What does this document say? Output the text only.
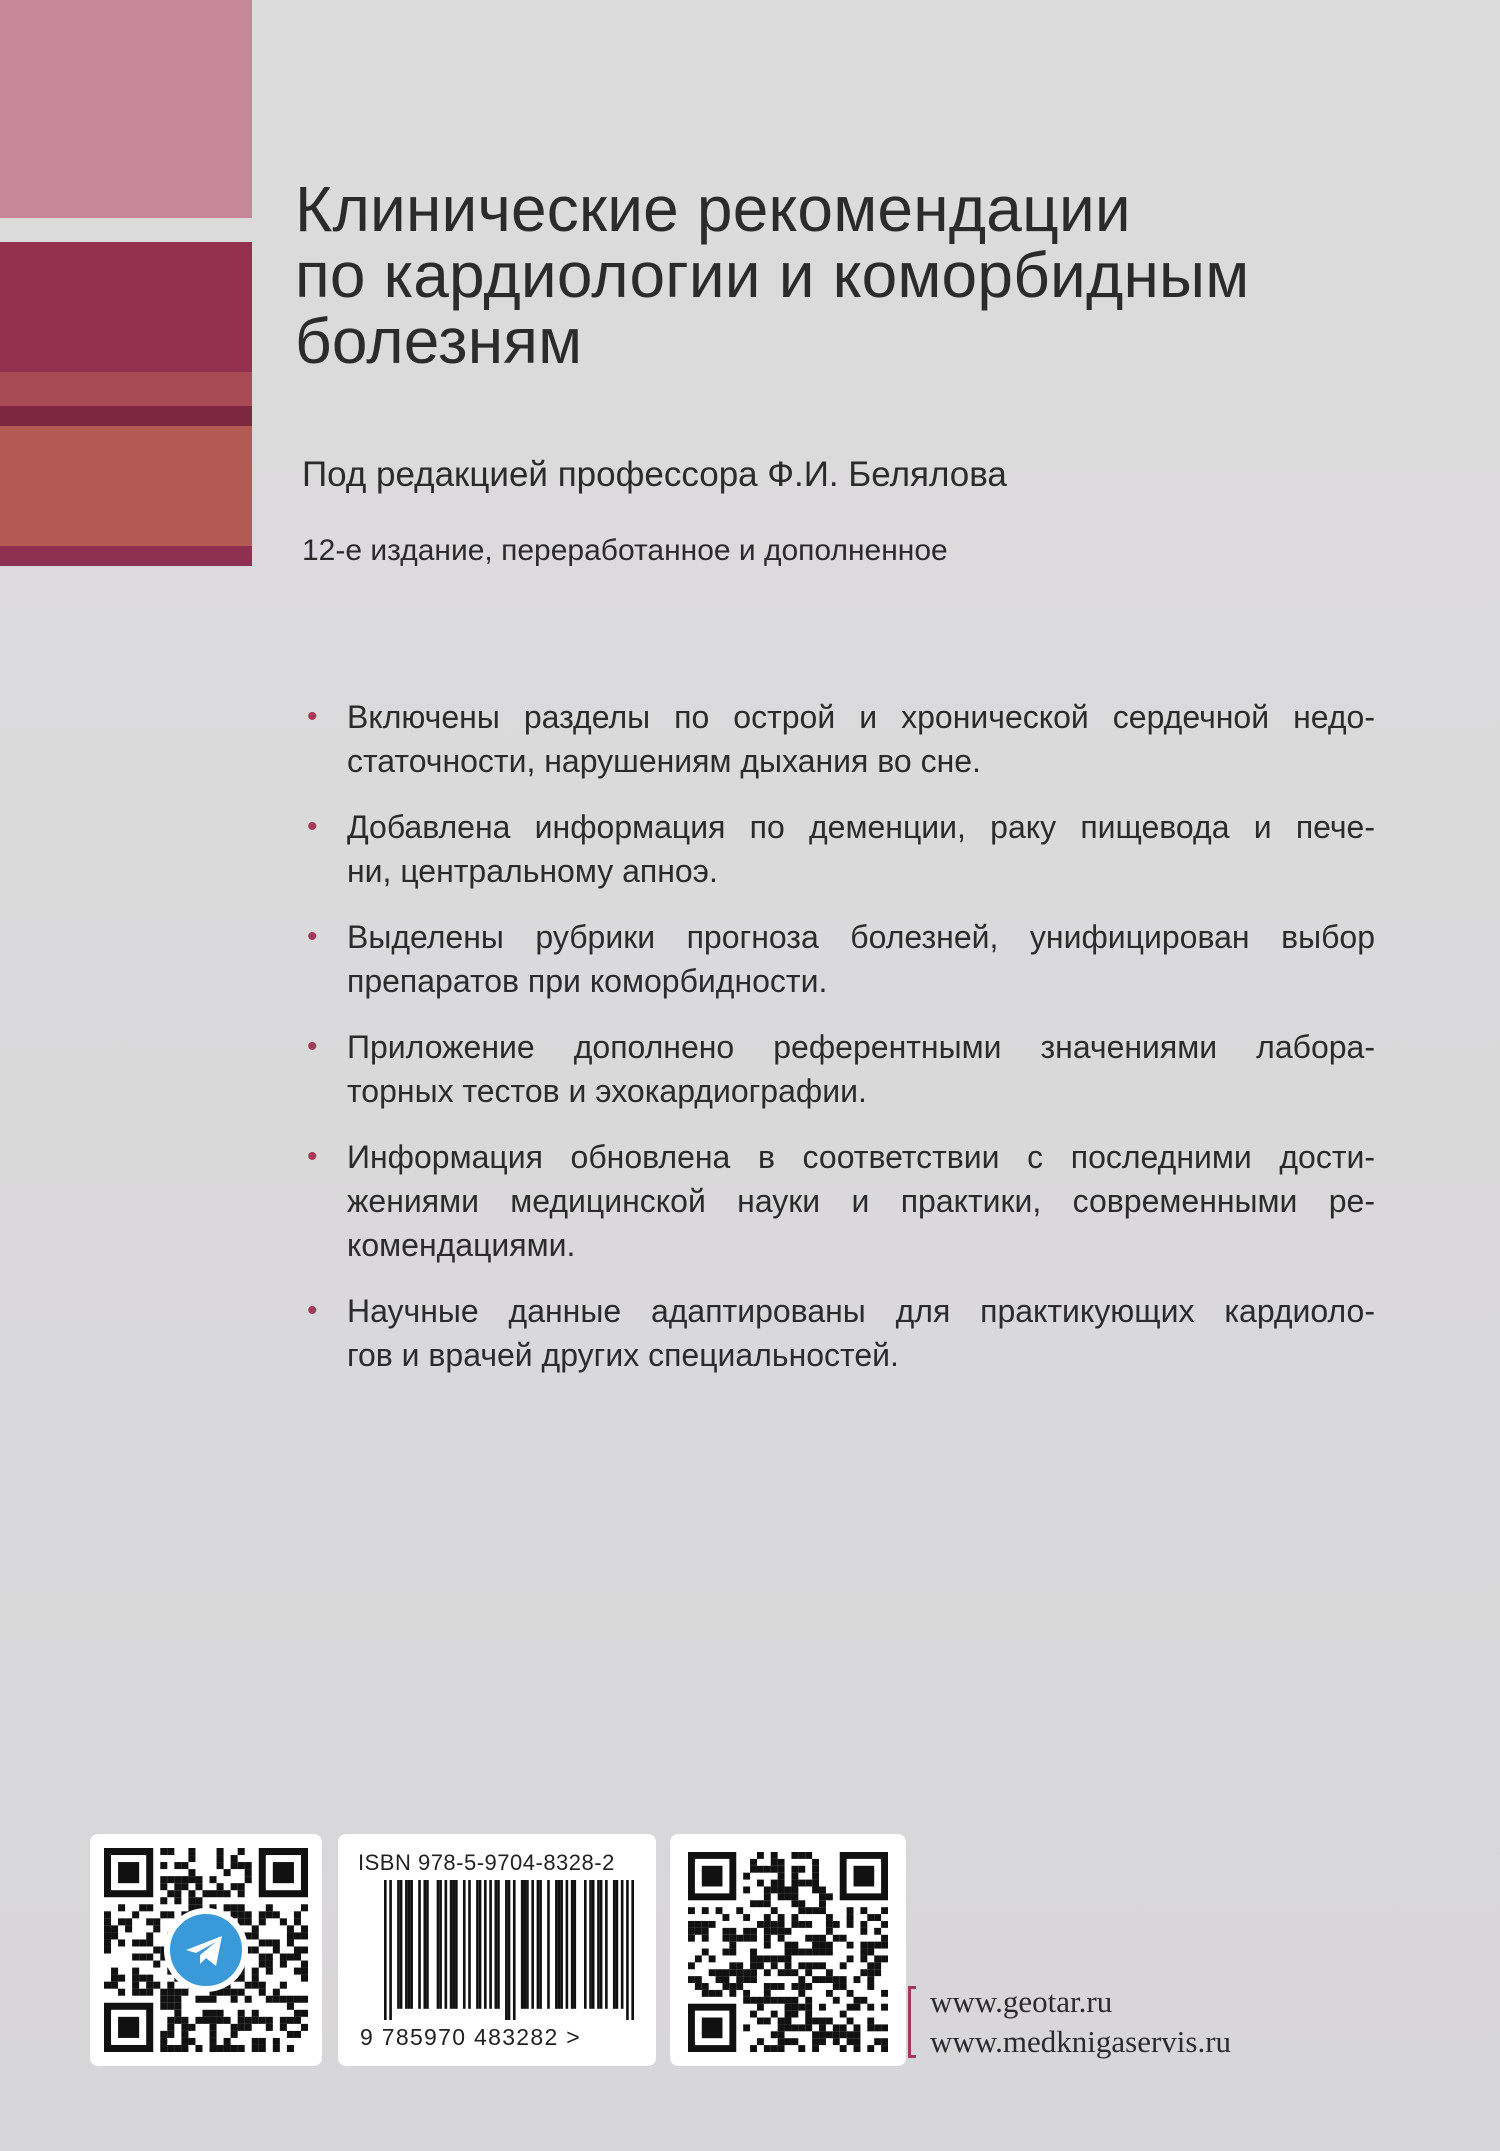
Клинические рекомендации
по кардиологии и коморбидным
болезням
Под редакцией профессора Ф.И. Белялова
12-е издание, переработанное и дополненное
• Включены разделы по острой и хронической сердечной недо-
статочности, нарушениям дыхания во сне.
• Добавлена информация по деменции, раку пищевода и пече-
ни, центральному апноэ.
• Выделены рубрики прогноза болезней, унифицирован выбор
препаратов при коморбидности.
• Приложение дополнено референтными значениями лабора-
торных тестов и эхокардиографии.
• Информация обновлена в соответствии с последними дости-
жениями медицинской науки и практики, современными ре-
комендациями.
• Научные данные адаптированы для практикующих кардиоло-
гов и врачей других специальностей.
ISBN 978-5-9704-8328-2
9 785970 483282 >
www.geotar.ru
www.medknigaservis.ru
